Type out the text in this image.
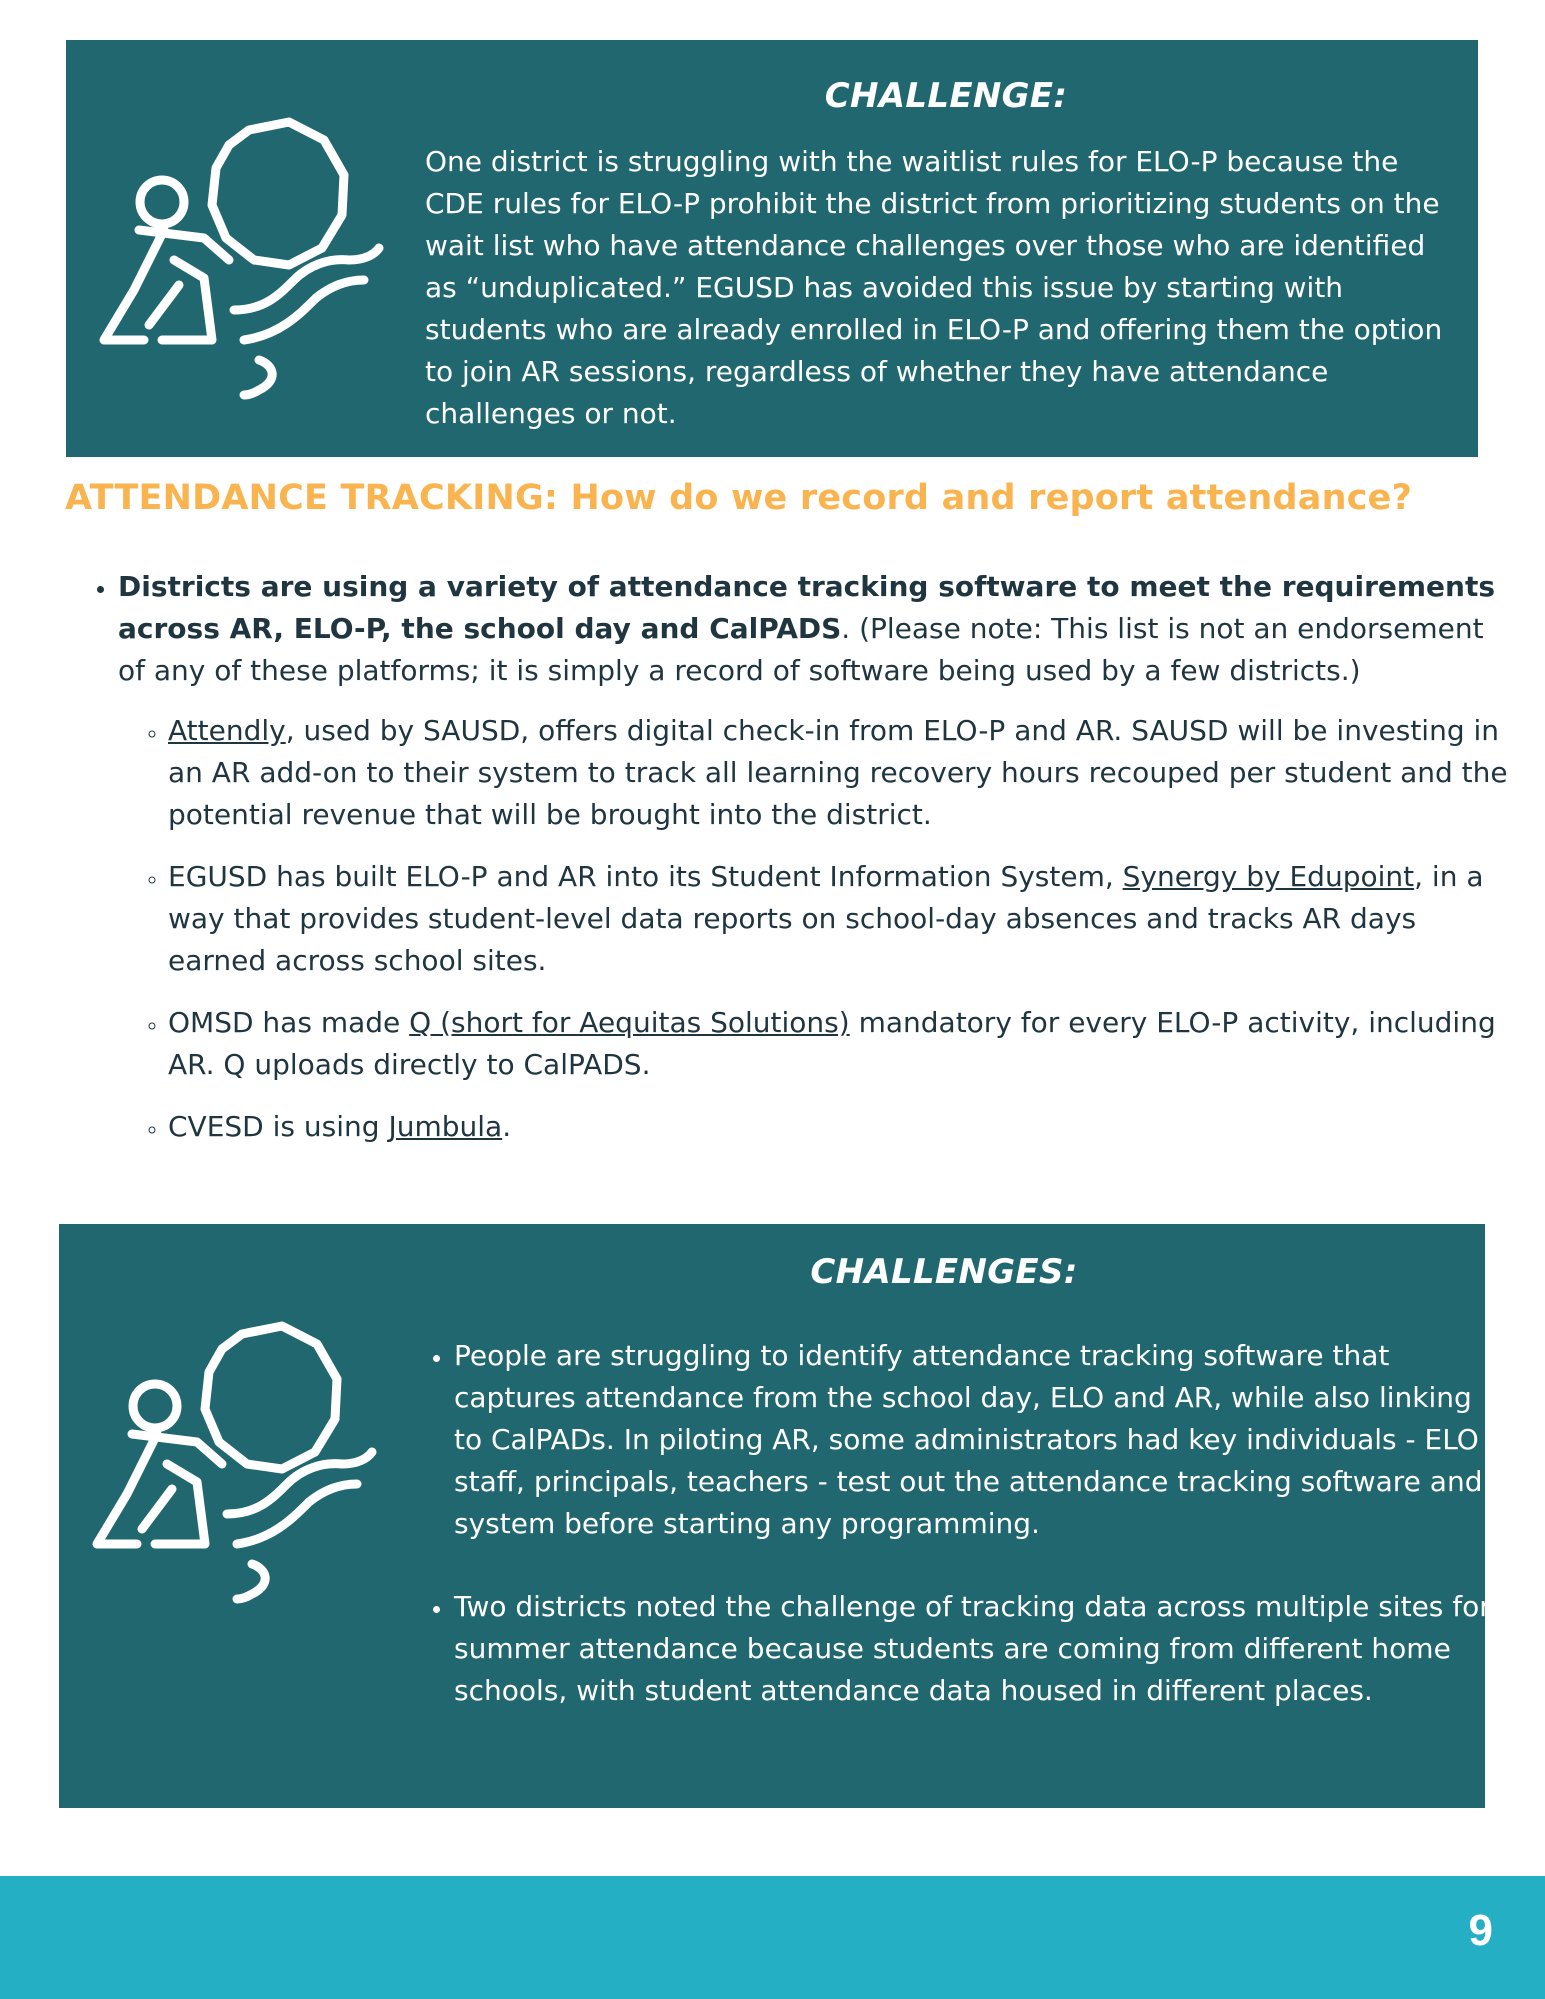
CHALLENGE:
One district is struggling with the waitlist rules for ELO-P because the CDE rules for ELO-P prohibit the district from prioritizing students on the wait list who have attendance challenges over those who are identified as “unduplicated.” EGUSD has avoided this issue by starting with students who are already enrolled in ELO-P and offering them the option to join AR sessions, regardless of whether they have attendance challenges or not.
ATTENDANCE TRACKING: How do we record and report attendance?
• Districts are using a variety of attendance tracking software to meet the requirements across AR, ELO-P, the school day and CalPADS. (Please note: This list is not an endorsement of any of these platforms; it is simply a record of software being used by a few districts.)
◦ Attendly, used by SAUSD, offers digital check-in from ELO-P and AR. SAUSD will be investing in an AR add-on to their system to track all learning recovery hours recouped per student and the potential revenue that will be brought into the district.
◦ EGUSD has built ELO-P and AR into its Student Information System, Synergy by Edupoint, in a way that provides student-level data reports on school-day absences and tracks AR days earned across school sites.
◦ OMSD has made Q (short for Aequitas Solutions) mandatory for every ELO-P activity, including AR. Q uploads directly to CalPADS.
◦ CVESD is using Jumbula.
CHALLENGES:
• People are struggling to identify attendance tracking software that captures attendance from the school day, ELO and AR, while also linking to CalPADs. In piloting AR, some administrators had key individuals - ELO staff, principals, teachers - test out the attendance tracking software and system before starting any programming.
• Two districts noted the challenge of tracking data across multiple sites for summer attendance because students are coming from different home schools, with student attendance data housed in different places.
9
